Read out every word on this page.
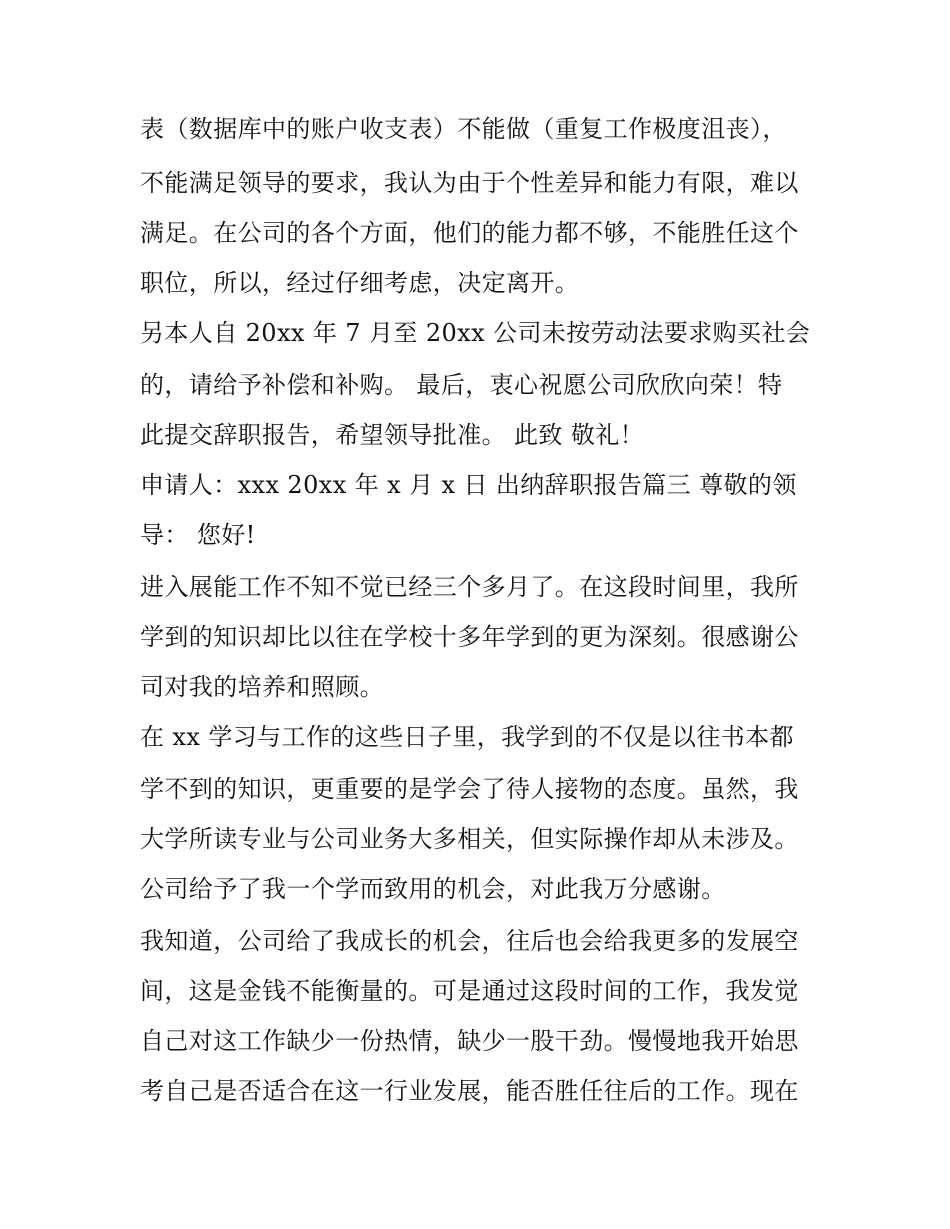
表（数据库中的账户收支表）不能做（重复工作极度沮丧），
不能满足领导的要求，我认为由于个性差异和能力有限，难以
满足。在公司的各个方面，他们的能力都不够，不能胜任这个
职位，所以，经过仔细考虑，决定离开。
另本人自 20xx 年 7 月至 20xx 公司未按劳动法要求购买社会
的，请给予补偿和补购。 最后，衷心祝愿公司欣欣向荣！特
此提交辞职报告，希望领导批准。 此致 敬礼！
申请人：xxx 20xx 年 x 月 x 日 出纳辞职报告篇三 尊敬的领
导： 您好!
进入展能工作不知不觉已经三个多月了。在这段时间里，我所
学到的知识却比以往在学校十多年学到的更为深刻。很感谢公
司对我的培养和照顾。
在 xx 学习与工作的这些日子里，我学到的不仅是以往书本都
学不到的知识，更重要的是学会了待人接物的态度。虽然，我
大学所读专业与公司业务大多相关，但实际操作却从未涉及。
公司给予了我一个学而致用的机会，对此我万分感谢。
我知道，公司给了我成长的机会，往后也会给我更多的发展空
间，这是金钱不能衡量的。可是通过这段时间的工作，我发觉
自己对这工作缺少一份热情，缺少一股干劲。慢慢地我开始思
考自己是否适合在这一行业发展，能否胜任往后的工作。现在
